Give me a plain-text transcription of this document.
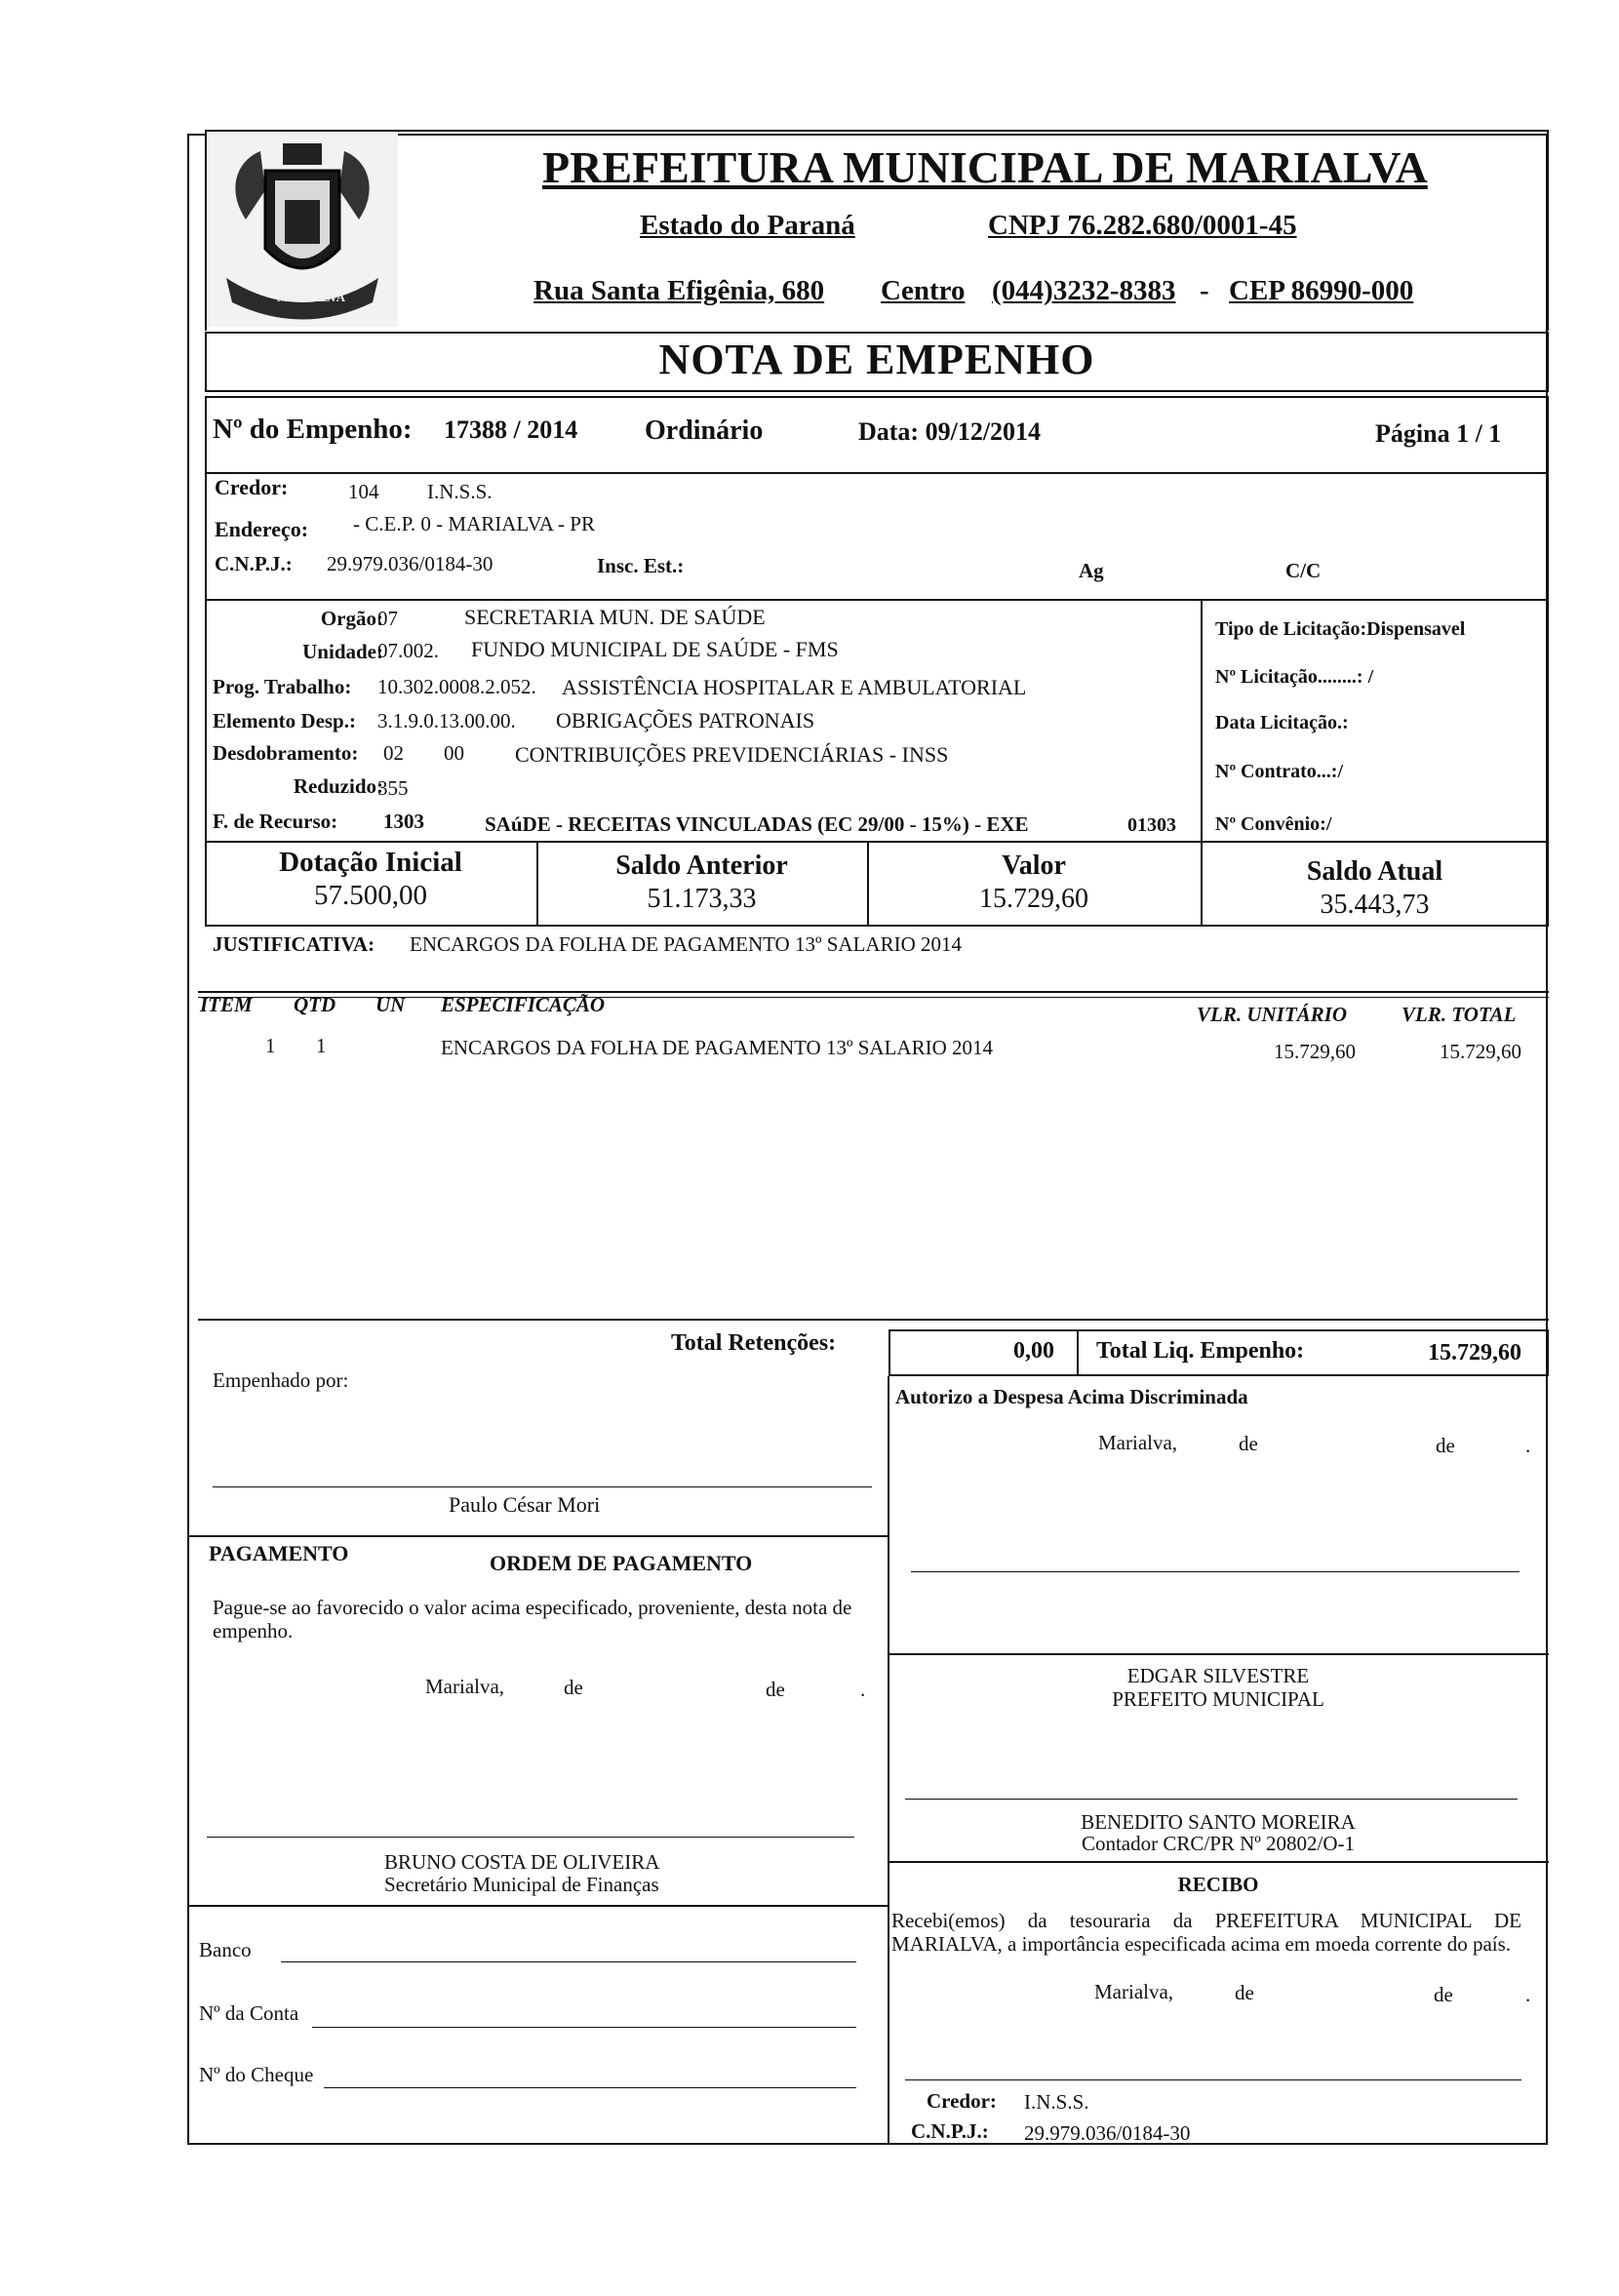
MARIALVA
PREFEITURA MUNICIPAL DE MARIALVA
Estado do Paraná	CNPJ 76.282.680/0001-45
Rua Santa Efigênia, 680 Centro (044)3232-8383 - CEP 86990-000
NOTA DE EMPENHO
Nº do Empenho: 17388 / 2014 Ordinário	Data: 09/12/2014	Página 1 / 1
Credor:	104 I.N.S.S.
Endereço: - C.E.P. 0 - MARIALVA - PR
C.N.P.J.: 29.979.036/0184-30	Insc. Est.:	Ag	C/C
Orgão:
07	SECRETARIA MUN. DE SAÚDE
Unidade:
07.002. FUNDO MUNICIPAL DE SAÚDE - FMS
Prog. Trabalho: 10.302.0008.2.052. ASSISTÊNCIA HOSPITALAR E AMBULATORIAL
Elemento Desp.: 3.1.9.0.13.00.00. OBRIGAÇÕES PATRONAIS
Desdobramento: 02 00 CONTRIBUIÇÕES PREVIDENCIÁRIAS - INSS
Reduzido:
355
F. de Recurso: 1303	SAúDE - RECEITAS VINCULADAS (EC 29/00 - 15%) - EXE	01303
Tipo de Licitação:Dispensavel
Nº Licitação........: /
Data Licitação.:
Nº Contrato...:/
Nº Convênio:/
Dotação Inicial
57.500,00
Saldo Anterior
51.173,33
Valor
15.729,60
Saldo Atual
35.443,73
JUSTIFICATIVA: ENCARGOS DA FOLHA DE PAGAMENTO 13º SALARIO 2014
ITEM QTD UN ESPECIFICAÇÃO	VLR. UNITÁRIO	VLR. TOTAL
1 1	ENCARGOS DA FOLHA DE PAGAMENTO 13º SALARIO 2014	15.729,60	15.729,60
Total Retenções:	0,00 Total Liq. Empenho:	15.729,60
Empenhado por:
Paulo César Mori
PAGAMENTO	ORDEM DE PAGAMENTO
Pague-se ao favorecido o valor acima especificado, proveniente, desta nota de empenho.
Marialva,	de	de	.
BRUNO COSTA DE OLIVEIRA
Secretário Municipal de Finanças
Banco
Nº da Conta
Nº do Cheque
Autorizo a Despesa Acima Discriminada
Marialva,	de	de	.
EDGAR SILVESTRE
PREFEITO MUNICIPAL
BENEDITO SANTO MOREIRA
Contador CRC/PR Nº 20802/O-1
RECIBO
Recebi(emos) da tesouraria da PREFEITURA MUNICIPAL DE MARIALVA, a importância especificada acima em moeda corrente do país.
Marialva,	de	de	.
Credor: I.N.S.S.
C.N.P.J.: 29.979.036/0184-30
